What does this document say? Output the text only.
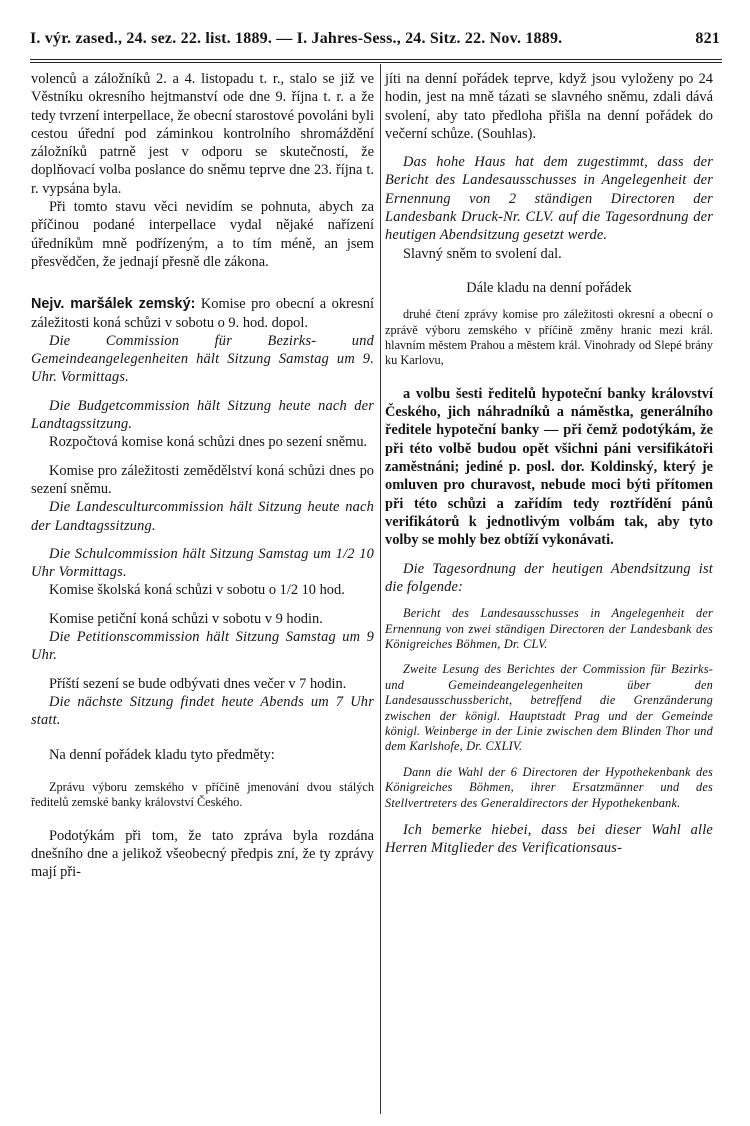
I. výr. zased., 24. sez. 22. list. 1889. — I. Jahres-Sess., 24. Sitz. 22. Nov. 1889.	821

volenců a záložníků 2. a 4. listopadu t. r., stalo se již ve Věstníku okresního hejtmanství ode dne 9. října t. r. a že tedy tvrzení interpellace, že obecní starostové povoláni byli cestou úřední pod záminkou kontrolního shromáždění záložníků patrně jest v odporu se skutečností, že doplňovací volba poslance do sněmu teprve dne 23. října t. r. vypsána byla.

Při tomto stavu věci nevidím se pohnuta, abych za příčinou podané interpellace vydal nějaké nařízení úředníkům mně podřízeným, a to tím méně, an jsem přesvědčen, že jednají přesně dle zákona.

Nejv. maršálek zemský: Komise pro obecní a okresní záležitosti koná schůzi v sobotu o 9. hod. dopol.

Die Commission für Bezirks- und Gemeindeangelegenheiten hält Sitzung Samstag um 9. Uhr. Vormittags.

Die Budgetcommission hält Sitzung heute nach der Landtagssitzung.

Rozpočtová komise koná schůzi dnes po sezení sněmu.

Komise pro záležitosti zemědělství koná schůzi dnes po sezení sněmu.

Die Landesculturcommission hält Sitzung heute nach der Landtagssitzung.

Die Schulcommission hält Sitzung Samstag um 1/2 10 Uhr Vormittags.

Komise školská koná schůzi v sobotu o 1/2 10 hod.

Komise petiční koná schůzi v sobotu v 9 hodin.

Die Petitionscommission hält Sitzung Samstag um 9 Uhr.

Příští sezení se bude odbývati dnes večer v 7 hodin.

Die nächste Sitzung findet heute Abends um 7 Uhr statt.

Na denní pořádek kladu tyto předměty:

Zprávu výboru zemského v příčině jmenování dvou stálých ředitelů zemské banky království Českého.

Podotýkám při tom, že tato zpráva byla rozdána dnešního dne a jelikož všeobecný předpis zní, že ty zprávy mají při-

jíti na denní pořádek teprve, když jsou vyloženy po 24 hodin, jest na mně tázati se slavného sněmu, zdali dává svolení, aby tato předloha přišla na denní pořádek do večerní schůze. (Souhlas).

Das hohe Haus hat dem zugestimmt, dass der Bericht des Landesausschusses in Angelegenheit der Ernennung von 2 ständigen Directoren der Landesbank Druck-Nr. CLV. auf die Tagesordnung der heutigen Abendsitzung gesetzt werde.

Slavný sněm to svolení dal.

Dále kladu na denní pořádek

druhé čtení zprávy komise pro záležitosti okresní a obecní o zprávě výboru zemského v příčině změny hranic mezi král. hlavním městem Prahou a městem král. Vinohrady od Slepé brány ku Karlovu,

a volbu šesti ředitelů hypoteční banky království Českého, jich náhradníků a náměstka, generálního ředitele hypoteční banky — při čemž podotýkám, že při této volbě budou opět všichni páni versifikátoři zaměstnáni; jediné p. posl. dor. Koldinský, který je omluven pro churavost, nebude moci býti přítomen při této schůzi a zařídím tedy roztřídění pánů verifikátorů k jednotlivým volbám tak, aby tyto volby se mohly bez obtíží vykonávati.

Die Tagesordnung der heutigen Abendsitzung ist die folgende:

Bericht des Landesausschusses in Angelegenheit der Ernennung von zwei ständigen Directoren der Landesbank des Königreiches Böhmen, Dr. CLV.

Zweite Lesung des Berichtes der Commission für Bezirks- und Gemeindeangelegenheiten über den Landesausschussbericht, betreffend die Grenzänderung zwischen der königl. Hauptstadt Prag und der Gemeinde königl. Weinberge in der Linie zwischen dem Blinden Thor und dem Karlshofe, Dr. CXLIV.

Dann die Wahl der 6 Directoren der Hypothekenbank des Königreiches Böhmen, ihrer Ersatzmänner und des Stellvertreters des Generaldirectors der Hypothekenbank.

Ich bemerke hiebei, dass bei dieser Wahl alle Herren Mitglieder des Verificationsaus-
